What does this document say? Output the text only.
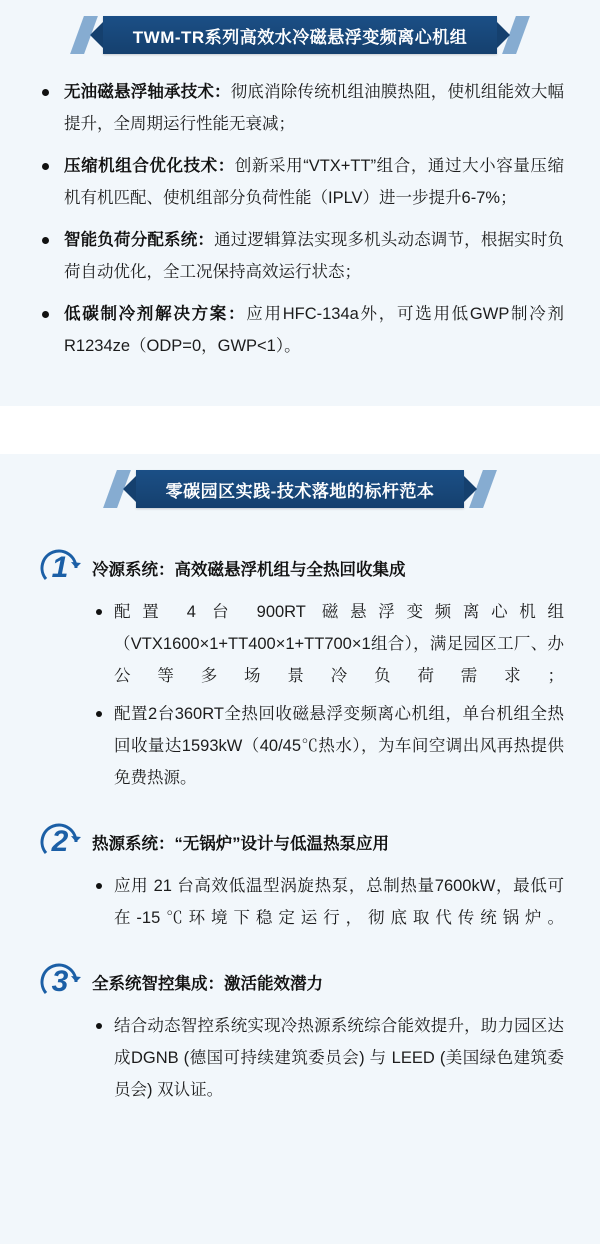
TWM-TR系列高效水冷磁悬浮变频离心机组
无油磁悬浮轴承技术：彻底消除传统机组油膜热阻，使机组能效大幅提升，全周期运行性能无衰减；
压缩机组合优化技术：创新采用“VTX+TT”组合，通过大小容量压缩机有机匹配、使机组部分负荷性能（IPLV）进一步提升6-7%；
智能负荷分配系统：通过逻辑算法实现多机头动态调节，根据实时负荷自动优化，全工况保持高效运行状态；
低碳制冷剂解决方案：应用HFC-134a外，可选用低GWP制冷剂R1234ze（ODP=0，GWP<1）。
零碳园区实践-技术落地的标杆范本
1	冷源系统：高效磁悬浮机组与全热回收集成
配置 4 台 900RT 磁悬浮变频离心机组（VTX1600×1+TT400×1+TT700×1组合），满足园区工厂、办公等多场景冷负荷需求；
配置2台360RT全热回收磁悬浮变频离心机组，单台机组全热回收量达1593kW（40/45℃热水），为车间空调出风再热提供免费热源。
2	热源系统：“无锅炉”设计与低温热泵应用
应用 21 台高效低温型涡旋热泵，总制热量7600kW，最低可在-15℃环境下稳定运行，彻底取代传统锅炉。
3	全系统智控集成：激活能效潜力
结合动态智控系统实现冷热源系统综合能效提升，助力园区达成DGNB (德国可持续建筑委员会) 与 LEED (美国绿色建筑委员会) 双认证。
